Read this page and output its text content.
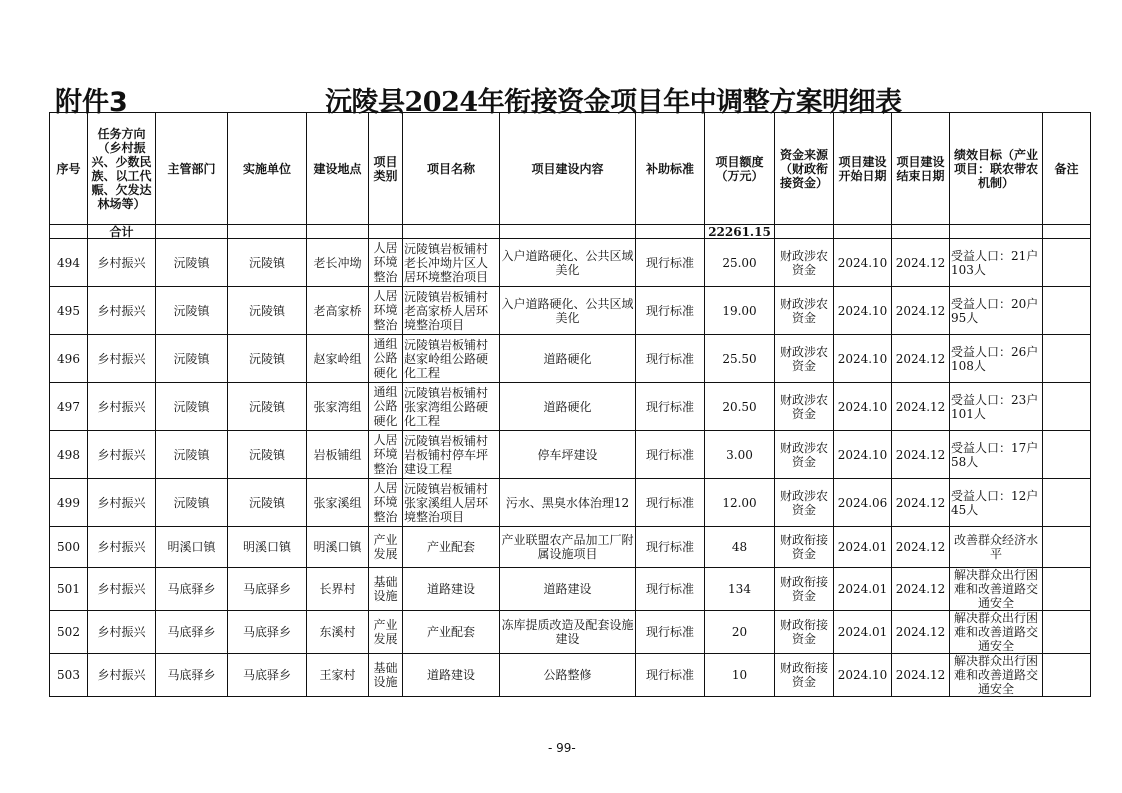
附件3	沅陵县2024年衔接资金项目年中调整方案明细表
序号	任务方向（乡村振兴、少数民族、以工代赈、欠发达林场等）	主管部门	实施单位	建设地点	项目类别	项目名称	项目建设内容	补助标准	项目额度（万元）	资金来源（财政衔接资金）	项目建设开始日期	项目建设结束日期	绩效目标（产业项目：联农带农机制）	备注
	合计								22261.15					
494	乡村振兴	沅陵镇	沅陵镇	老长冲坳	人居环境整治	沅陵镇岩板铺村老长冲坳片区人居环境整治项目	入户道路硬化、公共区域美化	现行标准	25.00	财政涉农资金	2024.10	2024.12	受益人口：21户103人	
495	乡村振兴	沅陵镇	沅陵镇	老高家桥	人居环境整治	沅陵镇岩板铺村老高家桥人居环境整治项目	入户道路硬化、公共区域美化	现行标准	19.00	财政涉农资金	2024.10	2024.12	受益人口：20户95人	
496	乡村振兴	沅陵镇	沅陵镇	赵家岭组	通组公路硬化	沅陵镇岩板铺村赵家岭组公路硬化工程	道路硬化	现行标准	25.50	财政涉农资金	2024.10	2024.12	受益人口：26户108人	
497	乡村振兴	沅陵镇	沅陵镇	张家湾组	通组公路硬化	沅陵镇岩板铺村张家湾组公路硬化工程	道路硬化	现行标准	20.50	财政涉农资金	2024.10	2024.12	受益人口：23户101人	
498	乡村振兴	沅陵镇	沅陵镇	岩板铺组	人居环境整治	沅陵镇岩板铺村岩板铺村停车坪建设工程	停车坪建设	现行标准	3.00	财政涉农资金	2024.10	2024.12	受益人口：17户58人	
499	乡村振兴	沅陵镇	沅陵镇	张家溪组	人居环境整治	沅陵镇岩板铺村张家溪组人居环境整治项目	污水、黑臭水体治理12	现行标准	12.00	财政涉农资金	2024.06	2024.12	受益人口：12户45人	
500	乡村振兴	明溪口镇	明溪口镇	明溪口镇	产业发展	产业配套	产业联盟农产品加工厂附属设施项目	现行标准	48	财政衔接资金	2024.01	2024.12	改善群众经济水平	
501	乡村振兴	马底驿乡	马底驿乡	长界村	基础设施	道路建设	道路建设	现行标准	134	财政衔接资金	2024.01	2024.12	解决群众出行困难和改善道路交通安全	
502	乡村振兴	马底驿乡	马底驿乡	东溪村	产业发展	产业配套	冻库提质改造及配套设施建设	现行标准	20	财政衔接资金	2024.01	2024.12	解决群众出行困难和改善道路交通安全	
503	乡村振兴	马底驿乡	马底驿乡	王家村	基础设施	道路建设	公路整修	现行标准	10	财政衔接资金	2024.10	2024.12	解决群众出行困难和改善道路交通安全	
- 99-
